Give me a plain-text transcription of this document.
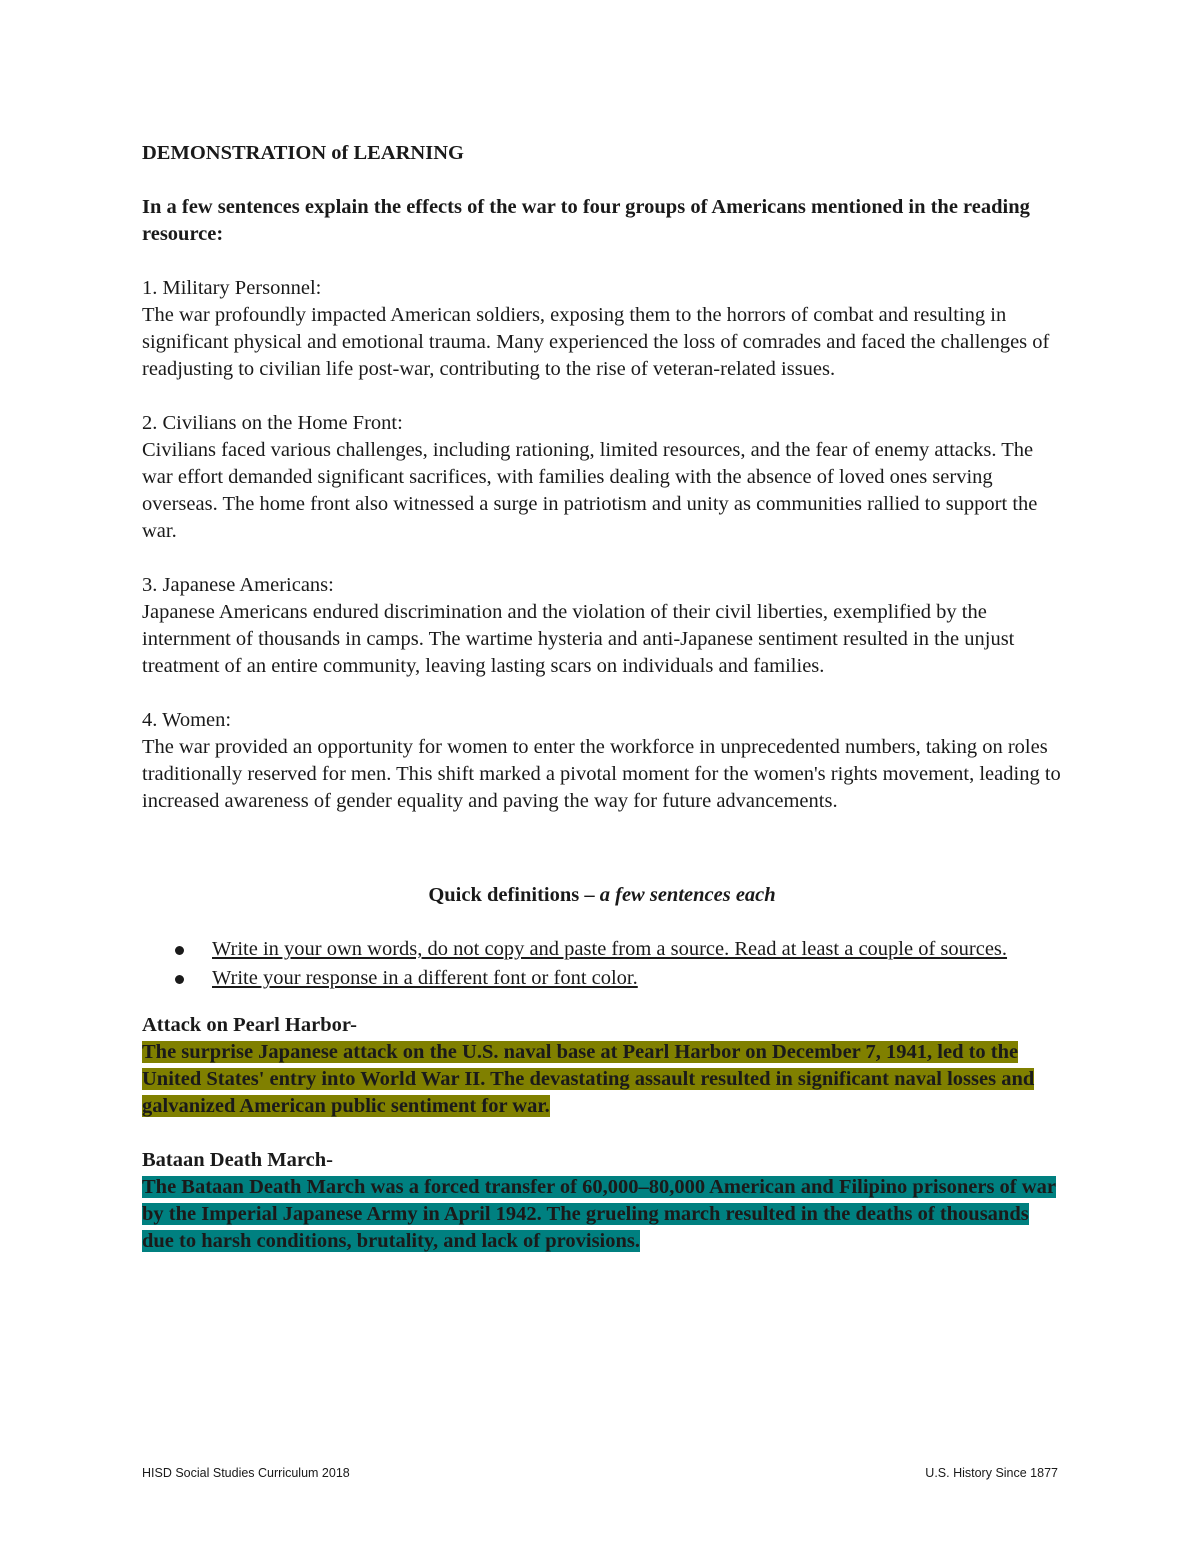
DEMONSTRATION of LEARNING

In a few sentences explain the effects of the war to four groups of Americans mentioned in the reading resource:

1. Military Personnel:

The war profoundly impacted American soldiers, exposing them to the horrors of combat and resulting in significant physical and emotional trauma. Many experienced the loss of comrades and faced the challenges of readjusting to civilian life post-war, contributing to the rise of veteran-related issues.

2. Civilians on the Home Front:

Civilians faced various challenges, including rationing, limited resources, and the fear of enemy attacks. The war effort demanded significant sacrifices, with families dealing with the absence of loved ones serving overseas. The home front also witnessed a surge in patriotism and unity as communities rallied to support the war.

3. Japanese Americans:

Japanese Americans endured discrimination and the violation of their civil liberties, exemplified by the internment of thousands in camps. The wartime hysteria and anti-Japanese sentiment resulted in the unjust treatment of an entire community, leaving lasting scars on individuals and families.

4. Women:

The war provided an opportunity for women to enter the workforce in unprecedented numbers, taking on roles traditionally reserved for men. This shift marked a pivotal moment for the women's rights movement, leading to increased awareness of gender equality and paving the way for future advancements.

Quick definitions – a few sentences each

Write in your own words, do not copy and paste from a source. Read at least a couple of sources.
Write your response in a different font or font color.

Attack on Pearl Harbor-

The surprise Japanese attack on the U.S. naval base at Pearl Harbor on December 7, 1941, led to the United States' entry into World War II. The devastating assault resulted in significant naval losses and galvanized American public sentiment for war.

Bataan Death March-

The Bataan Death March was a forced transfer of 60,000–80,000 American and Filipino prisoners of war by the Imperial Japanese Army in April 1942. The grueling march resulted in the deaths of thousands due to harsh conditions, brutality, and lack of provisions.

HISD Social Studies Curriculum 2018	U.S. History Since 1877
